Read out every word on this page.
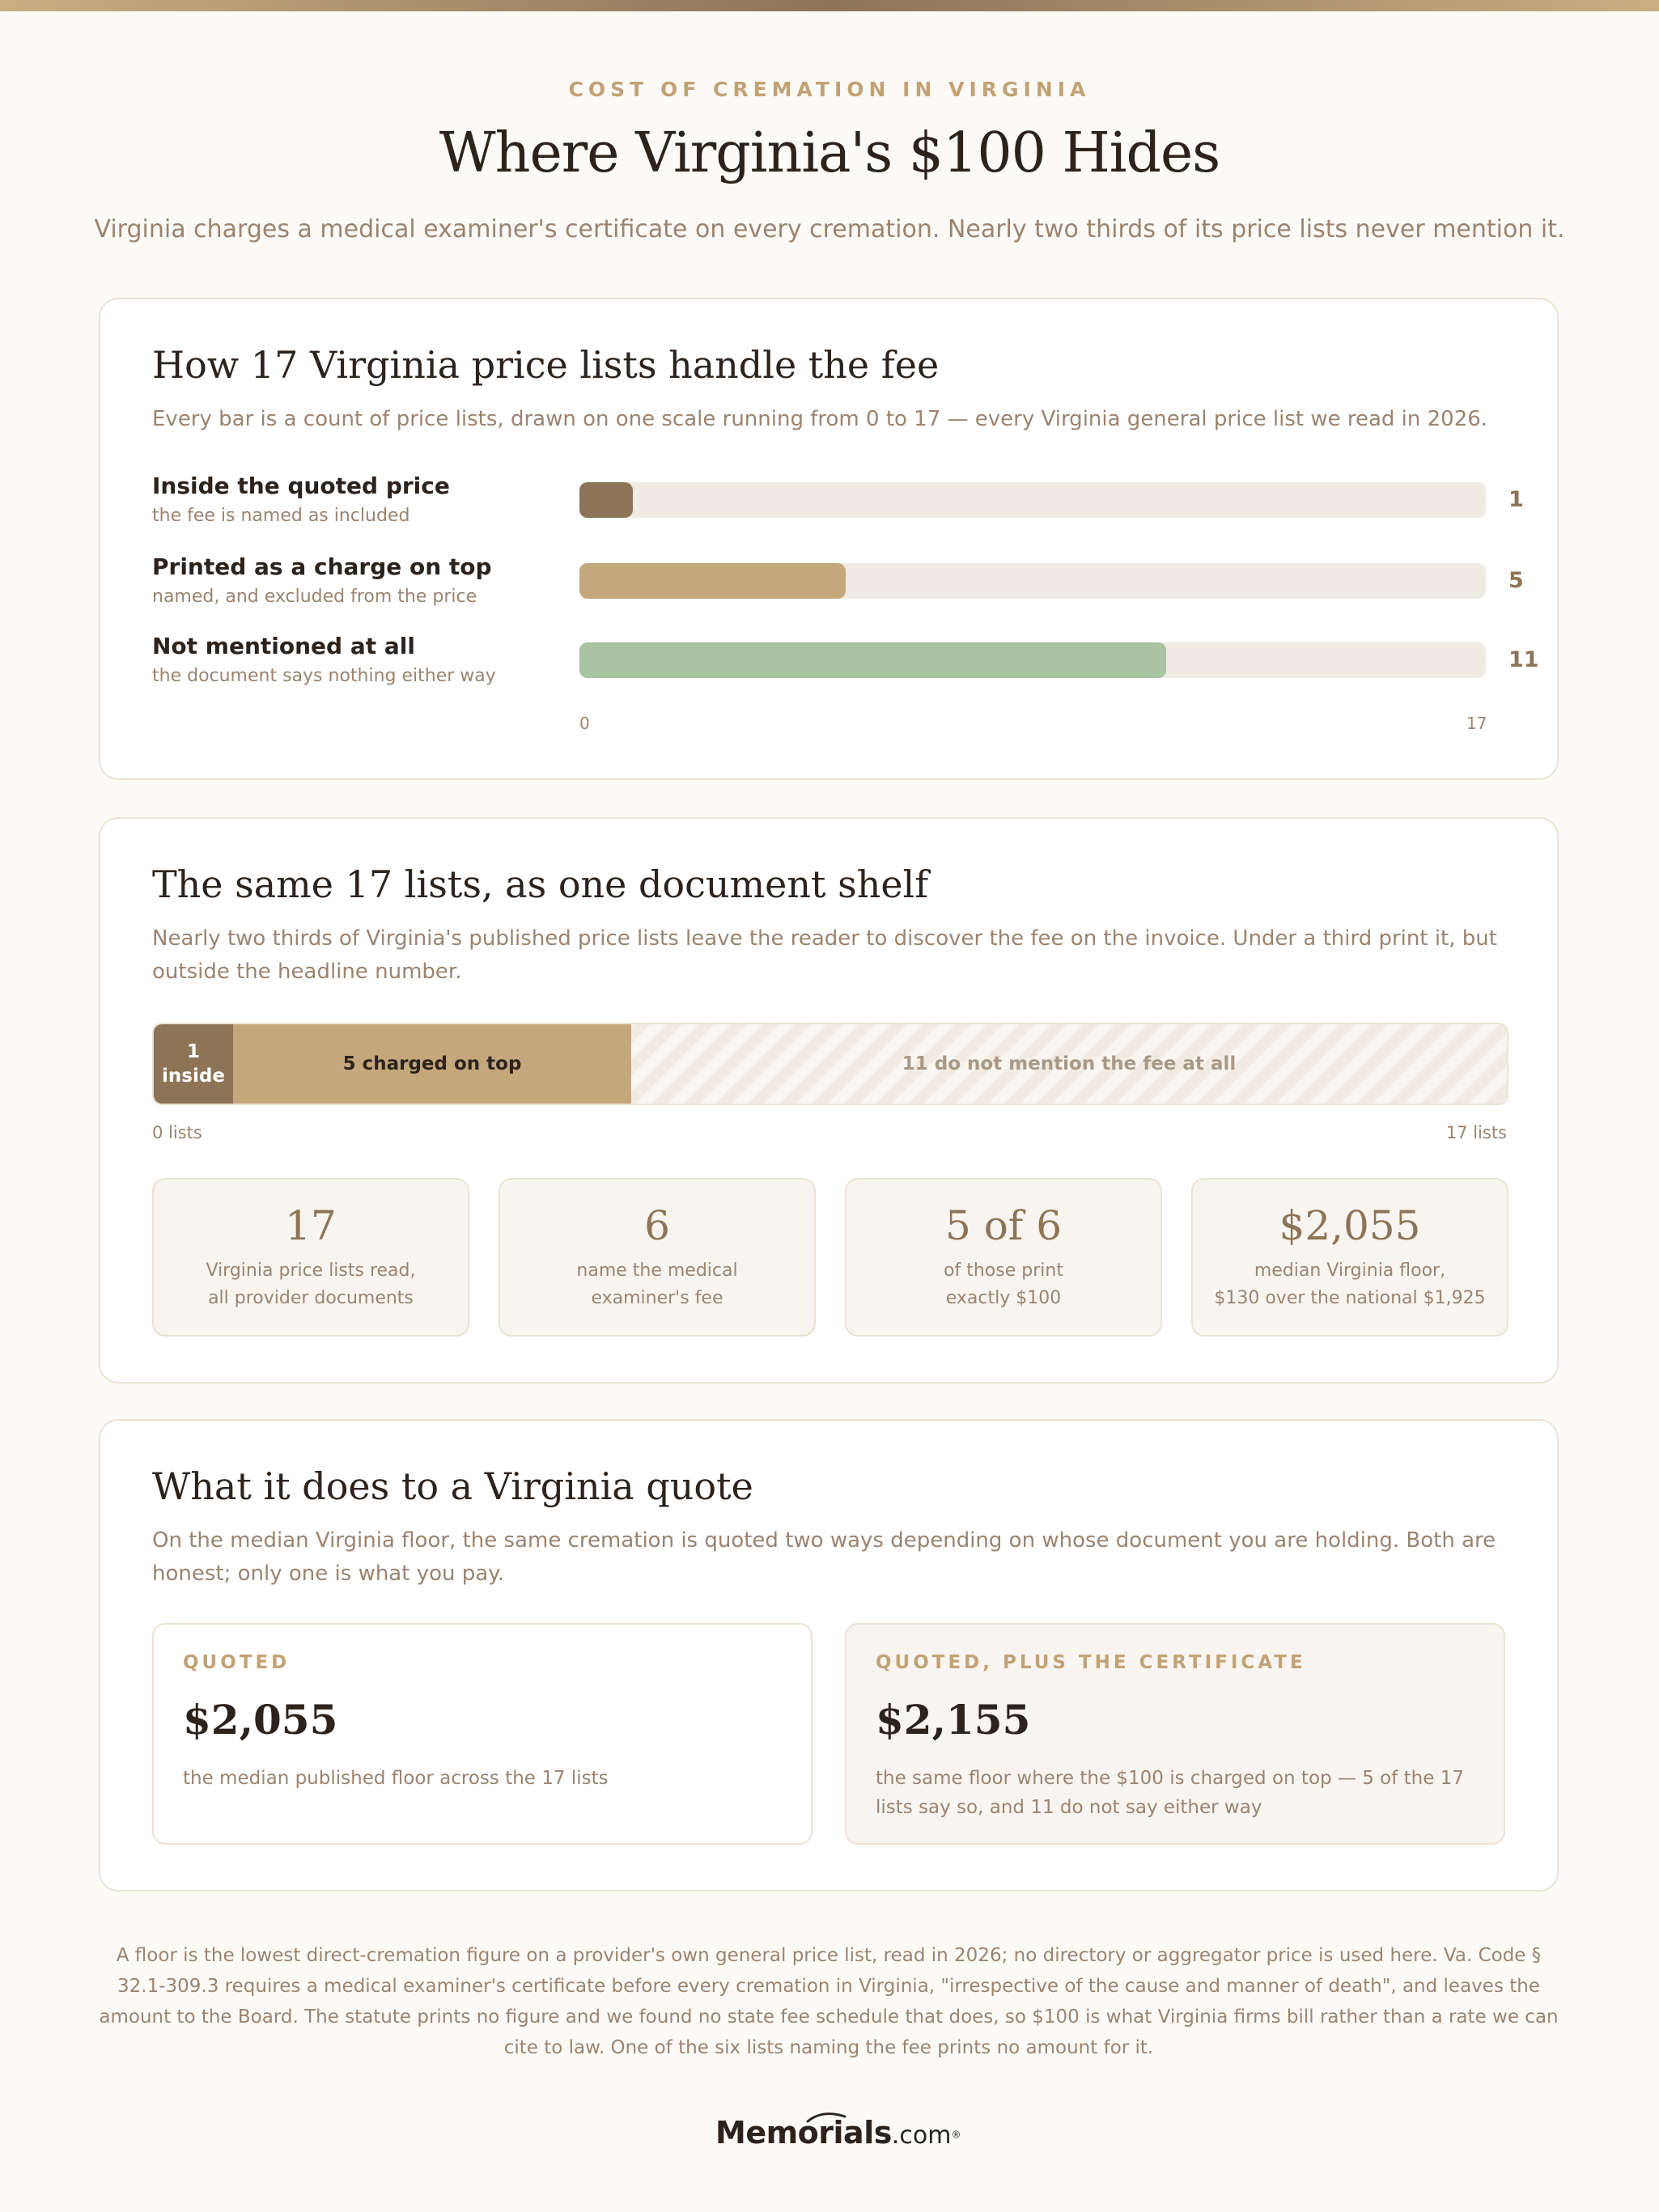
COST OF CREMATION IN VIRGINIA
Where Virginia's $100 Hides
Virginia charges a medical examiner's certificate on every cremation. Nearly two thirds of its price lists never mention it.
How 17 Virginia price lists handle the fee
Every bar is a count of price lists, drawn on one scale running from 0 to 17 — every Virginia general price list we read in 2026.
Inside the quoted price
the fee is named as included
1
Printed as a charge on top
named, and excluded from the price
5
Not mentioned at all
the document says nothing either way
11
0	17
The same 17 lists, as one document shelf
Nearly two thirds of Virginia's published price lists leave the reader to discover the fee on the invoice. Under a third print it, but outside the headline number.
1
inside
5 charged on top	11 do not mention the fee at all
0 lists	17 lists
17
Virginia price lists read,
all provider documents
6
name the medical
examiner's fee
5 of 6
of those print
exactly $100
$2,055
median Virginia floor,
$130 over the national $1,925
What it does to a Virginia quote
On the median Virginia floor, the same cremation is quoted two ways depending on whose document you are holding. Both are honest; only one is what you pay.
QUOTED
$2,055
the median published floor across the 17 lists
QUOTED, PLUS THE CERTIFICATE
$2,155
the same floor where the $100 is charged on top — 5 of the 17 lists say so, and 11 do not say either way
A floor is the lowest direct-cremation figure on a provider's own general price list, read in 2026; no directory or aggregator price is used here. Va. Code § 32.1-309.3 requires a medical examiner's certificate before every cremation in Virginia, "irrespective of the cause and manner of death", and leaves the amount to the Board. The statute prints no figure and we found no state fee schedule that does, so $100 is what Virginia firms bill rather than a rate we can cite to law. One of the six lists naming the fee prints no amount for it.
Memorials.com®
